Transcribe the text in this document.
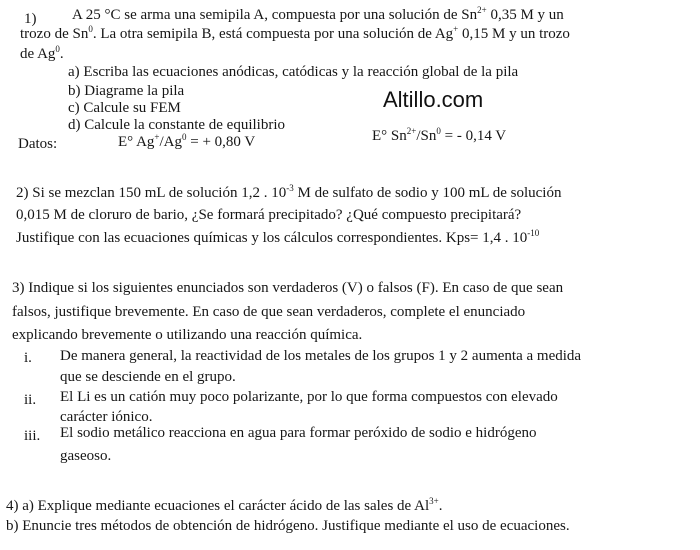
Altillo.com
1) A 25 °C se arma una semipila A, compuesta por una solución de $Sn^{2+}$ 0,35 M y un
trozo de Sn$^0$. La otra semipila B, está compuesta por una solución de Ag+ 0,15 M y un trozo
de Ag$^0$.
a) Escriba las ecuaciones anódicas, catódicas y la reacción global de la pila
b) Diagrame la pila
c) Calcule su FEM
d) Calcule la constante de equilibrio
Datos:	E° $Ag^+/Ag^0$ = + 0,80 V	E° $Sn^{2+}/Sn^0$ = - 0,14 V
2) Si se mezclan 150 mL de solución 1,2 . $10^{-3}$ M de sulfato de sodio y 100 mL de solución
0,015 M de cloruro de bario, ¿Se formará precipitado? ¿Qué compuesto precipitará?
Justifique con las ecuaciones químicas y los cálculos correspondientes. Kps= 1,4 . $10^{-10}$
3) Indique si los siguientes enunciados son verdaderos (V) o falsos (F). En caso de que sean
falsos, justifique brevemente. En caso de que sean verdaderos, complete el enunciado
explicando brevemente o utilizando una reacción química.
i. De manera general, la reactividad de los metales de los grupos 1 y 2 aumenta a medida
que se desciende en el grupo.
ii. El Li es un catión muy poco polarizante, por lo que forma compuestos con elevado
carácter iónico.
iii. El sodio metálico reacciona en agua para formar peróxido de sodio e hidrógeno
gaseoso.
4) a) Explique mediante ecuaciones el carácter ácido de las sales de $Al^{3+}$.
b) Enuncie tres métodos de obtención de hidrógeno. Justifique mediante el uso de ecuaciones.
